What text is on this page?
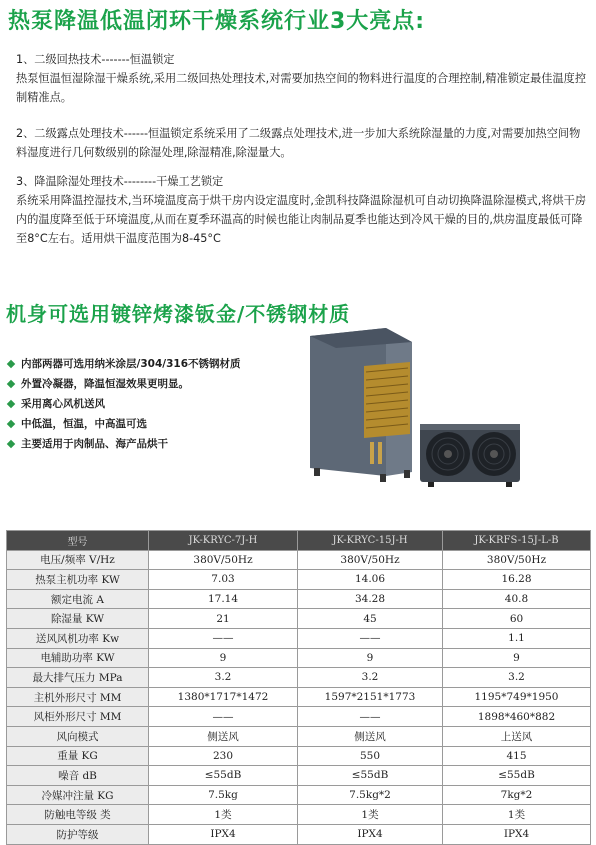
热泵降温低温闭环干燥系统行业3大亮点:

1、二级回热技术-------恒温锁定
热泵恒温恒湿除湿干燥系统,采用二级回热处理技术,对需要加热空间的物料进行温度的合理控制,精准锁定最佳温度控制精准点。

2、二级露点处理技术------恒温锁定系统采用了二级露点处理技术,进一步加大系统除湿量的力度,对需要加热空间物料湿度进行几何数级别的除湿处理,除湿精准,除湿量大。

3、降温除湿处理技术--------干燥工艺锁定
系统采用降温控湿技术,当环境温度高于烘干房内设定温度时,金凯科技降温除湿机可自动切换降温除湿模式,将烘干房内的温度降至低于环境温度,从而在夏季环温高的时候也能让肉制品夏季也能达到冷风干燥的目的,烘房温度最低可降至8°C左右。适用烘干温度范围为8-45°C

机身可选用镀锌烤漆钣金/不锈钢材质
内部两器可选用纳米涂层/304/316不锈钢材质
外置冷凝器，降温恒湿效果更明显。
采用离心风机送风
中低温，恒温，中高温可选
主要适用于肉制品、海产品烘干
型号	JK-KRYC-7J-H	JK-KRYC-15J-H	JK-KRFS-15J-L-B
电压/频率 V/Hz	380V/50Hz	380V/50Hz	380V/50Hz
热泵主机功率 KW	7.03	14.06	16.28
额定电流 A	17.14	34.28	40.8
除湿量 KW	21	45	60
送风风机功率 Kw	——	——	1.1
电辅助功率 KW	9	9	9
最大排气压力 MPa	3.2	3.2	3.2
主机外形尺寸 MM	1380*1717*1472	1597*2151*1773	1195*749*1950
风柜外形尺寸 MM	——	——	1898*460*882
风向模式	侧送风	侧送风	上送风
重量 KG	230	550	415
噪音 dB	≤55dB	≤55dB	≤55dB
冷媒冲注量 KG	7.5kg	7.5kg*2	7kg*2
防触电等级 类	1类	1类	1类
防护等级	IPX4	IPX4	IPX4
